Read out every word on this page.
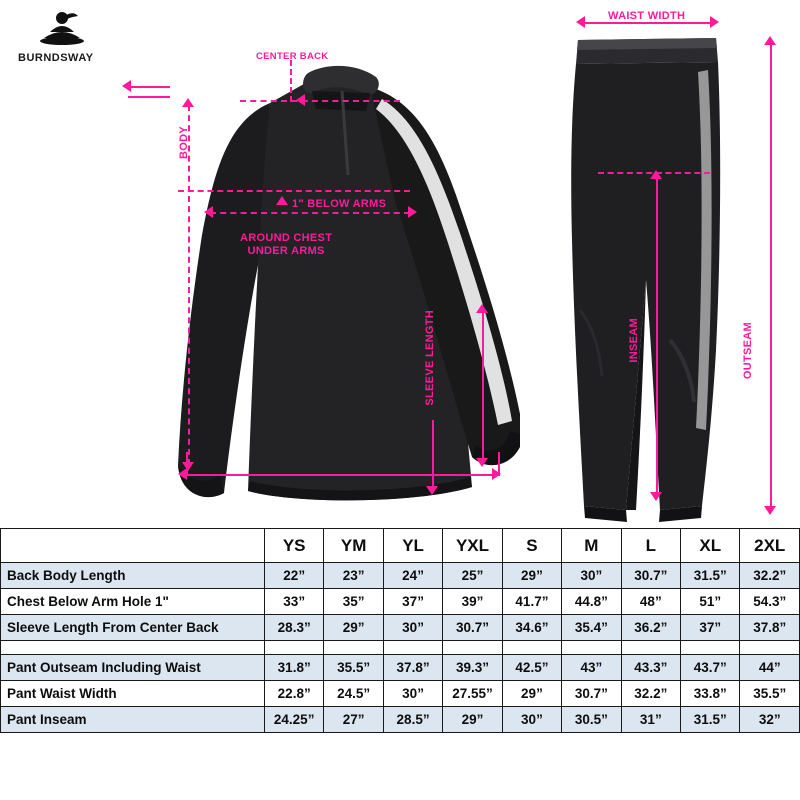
BURNDSWAY
BODY
CENTER BACK
1" BELOW ARMS
AROUND CHEST
UNDER ARMS
SLEEVE LENGTH
WAIST WIDTH
OUTSEAM
INSEAM
	YS	YM	YL	YXL	S	M	L	XL	2XL
Back Body Length	22”	23”	24”	25”	29”	30”	30.7”	31.5”	32.2”
Chest Below Arm Hole 1"	33”	35”	37”	39”	41.7”	44.8”	48”	51”	54.3”
Sleeve Length From Center Back	28.3”	29”	30”	30.7”	34.6”	35.4”	36.2”	37”	37.8”

Pant Outseam Including Waist	31.8”	35.5”	37.8”	39.3”	42.5”	43”	43.3”	43.7”	44”
Pant Waist Width	22.8”	24.5”	30”	27.55”	29”	30.7”	32.2”	33.8”	35.5”
Pant Inseam	24.25”	27”	28.5”	29”	30”	30.5”	31”	31.5”	32”
